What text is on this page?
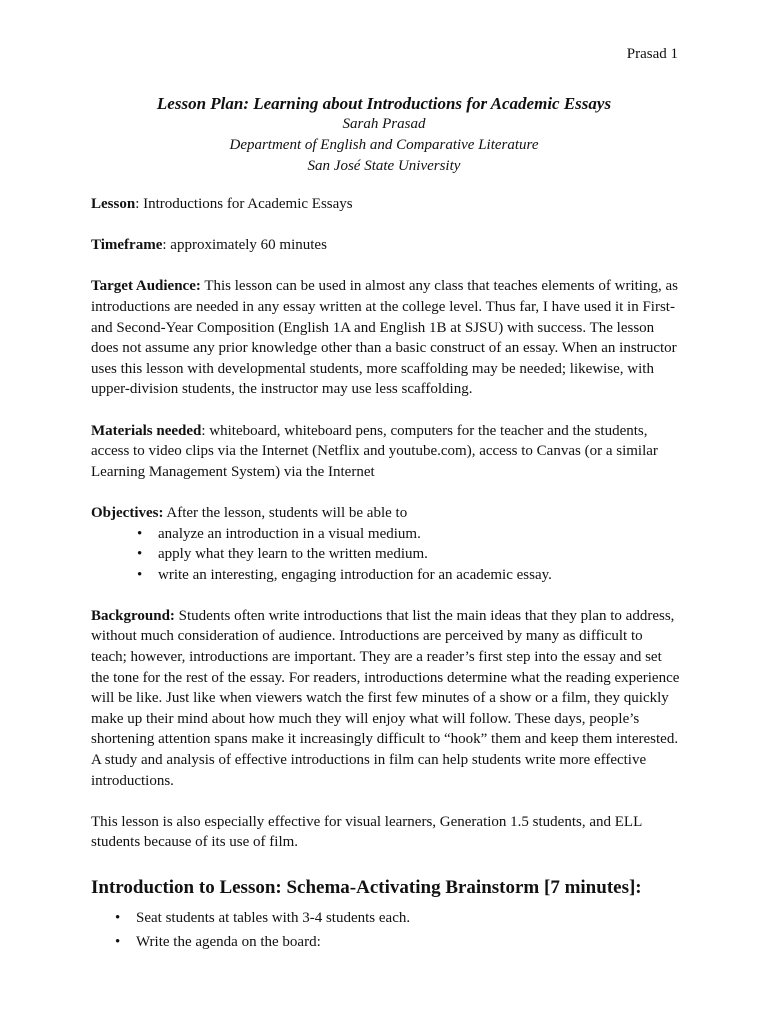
Prasad 1
Lesson Plan: Learning about Introductions for Academic Essays
Sarah Prasad
Department of English and Comparative Literature
San José State University

Lesson: Introductions for Academic Essays

Timeframe: approximately 60 minutes

Target Audience: This lesson can be used in almost any class that teaches elements of writing, as introductions are needed in any essay written at the college level. Thus far, I have used it in First- and Second-Year Composition (English 1A and English 1B at SJSU) with success. The lesson does not assume any prior knowledge other than a basic construct of an essay. When an instructor uses this lesson with developmental students, more scaffolding may be needed; likewise, with upper-division students, the instructor may use less scaffolding.

Materials needed: whiteboard, whiteboard pens, computers for the teacher and the students, access to video clips via the Internet (Netflix and youtube.com), access to Canvas (or a similar Learning Management System) via the Internet

Objectives: After the lesson, students will be able to

• analyze an introduction in a visual medium.
• apply what they learn to the written medium.
• write an interesting, engaging introduction for an academic essay.

Background: Students often write introductions that list the main ideas that they plan to address, without much consideration of audience. Introductions are perceived by many as difficult to teach; however, introductions are important. They are a reader’s first step into the essay and set the tone for the rest of the essay. For readers, introductions determine what the reading experience will be like. Just like when viewers watch the first few minutes of a show or a film, they quickly make up their mind about how much they will enjoy what will follow. These days, people’s shortening attention spans make it increasingly difficult to “hook” them and keep them interested. A study and analysis of effective introductions in film can help students write more effective introductions.

This lesson is also especially effective for visual learners, Generation 1.5 students, and ELL students because of its use of film.

Introduction to Lesson: Schema-Activating Brainstorm [7 minutes]:
• Seat students at tables with 3-4 students each.
• Write the agenda on the board:
